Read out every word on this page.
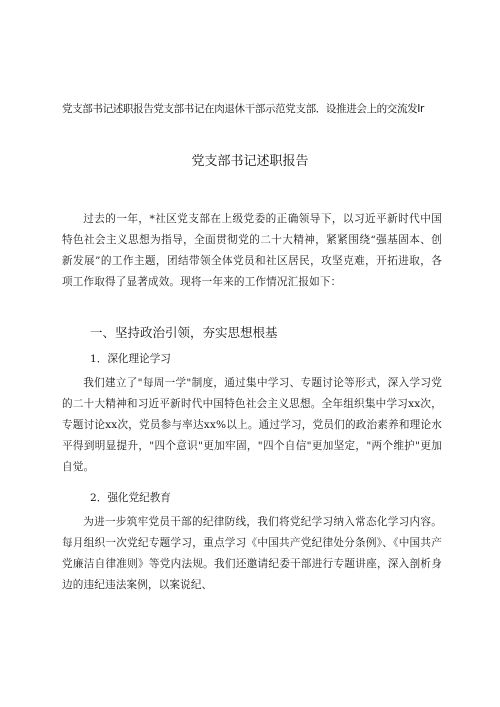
党支部书记述职报告党支部书记在肉退休干部示范党支部．设推进会上的交流发Ir
党支部书记述职报告
过去的一年，*社区党支部在上级党委的正确领导下，以习近平新时代中国特色社会主义思想为指导，全面贯彻党的二十大精神，紧紧围绕“强基固本、创新发展”的工作主题，团结带领全体党员和社区居民，攻坚克难，开拓进取，各项工作取得了显著成效。现将一年来的工作情况汇报如下：
一、坚持政治引领，夯实思想根基
1．深化理论学习
我们建立了"每周一学"制度，通过集中学习、专题讨论等形式，深入学习党的二十大精神和习近平新时代中国特色社会主义思想。全年组织集中学习xx次，专题讨论xx次，党员参与率达xx%以上。通过学习，党员们的政治素养和理论水平得到明显提升，"四个意识"更加牢固，"四个自信"更加坚定，"两个维护"更加自觉。
2．强化党纪教育
为进一步筑牢党员干部的纪律防线，我们将党纪学习纳入常态化学习内容。每月组织一次党纪专题学习，重点学习《中国共产党纪律处分条例》、《中国共产党廉洁自律准则》等党内法规。我们还邀请纪委干部进行专题讲座，深入剖析身边的违纪违法案例，以案说纪、
